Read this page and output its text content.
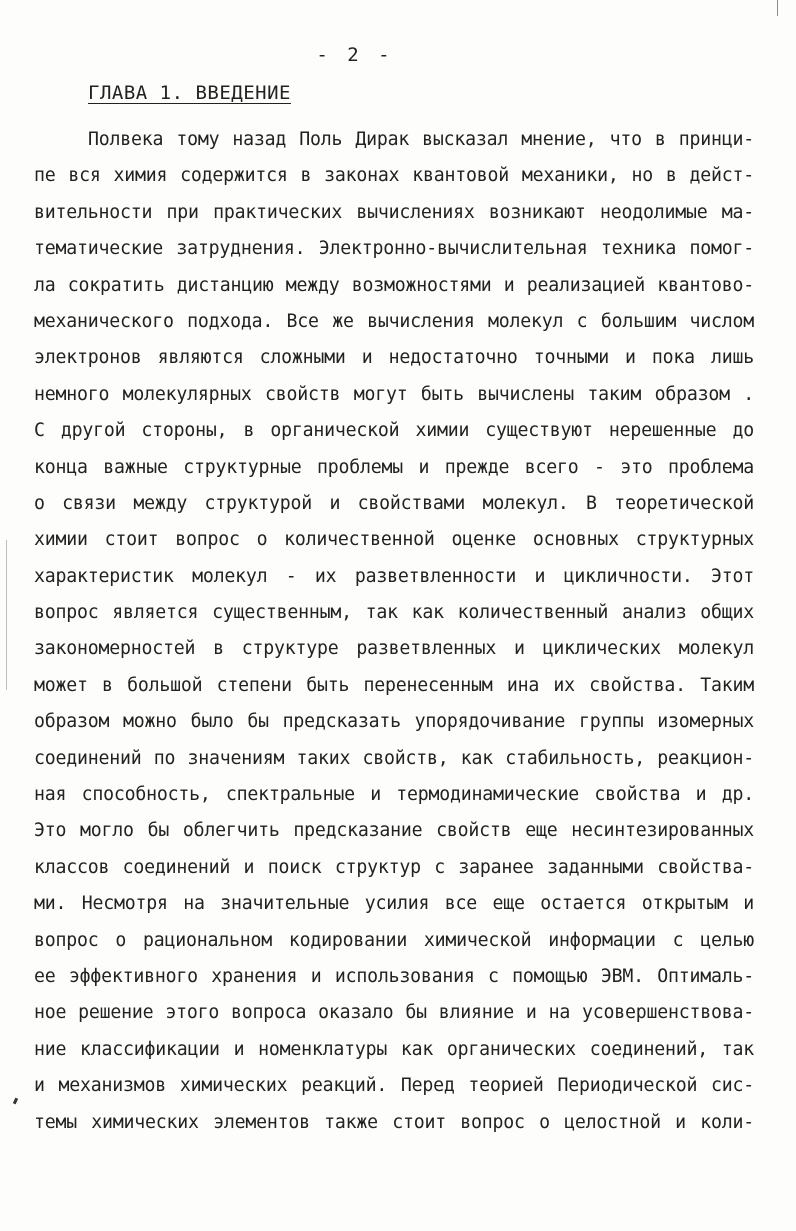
- 2 -
ГЛАВА 1. ВВЕДЕНИЕ
Полвека тому назад Поль Дирак высказал мнение, что в принци-
пе вся химия содержится в законах квантовой механики, но в дейст-
вительности при практических вычислениях возникают неодолимые ма-
тематические затруднения. Электронно-вычислительная техника помог-
ла сократить дистанцию между возможностями и реализацией квантово-
механического подхода. Все же вычисления молекул с большим числом
электронов являются сложными и недостаточно точными и пока лишь
немного молекулярных свойств могут быть вычислены таким образом .
С другой стороны, в органической химии существуют нерешенные до
конца важные структурные проблемы и прежде всего - это проблема
о связи между структурой и свойствами молекул. В теоретической
химии стоит вопрос о количественной оценке основных структурных
характеристик молекул - их разветвленности и цикличности. Этот
вопрос является существенным, так как количественный анализ общих
закономерностей в структуре разветвленных и циклических молекул
может в большой степени быть перенесенным ина их свойства. Таким
образом можно было бы предсказать упорядочивание группы изомерных
соединений по значениям таких свойств, как стабильность, реакцион-
ная способность, спектральные и термодинамические свойства и др.
Это могло бы облегчить предсказание свойств еще несинтезированных
классов соединений и поиск структур с заранее заданными свойства-
ми. Несмотря на значительные усилия все еще остается открытым и
вопрос о рациональном кодировании химической информации с целью
ее эффективного хранения и использования с помощью ЭВМ. Оптималь-
ное решение этого вопроса оказало бы влияние и на усовершенствова-
ние классификации и номенклатуры как органических соединений, так
и механизмов химических реакций. Перед теорией Периодической сис-
темы химических элементов также стоит вопрос о целостной и коли-
